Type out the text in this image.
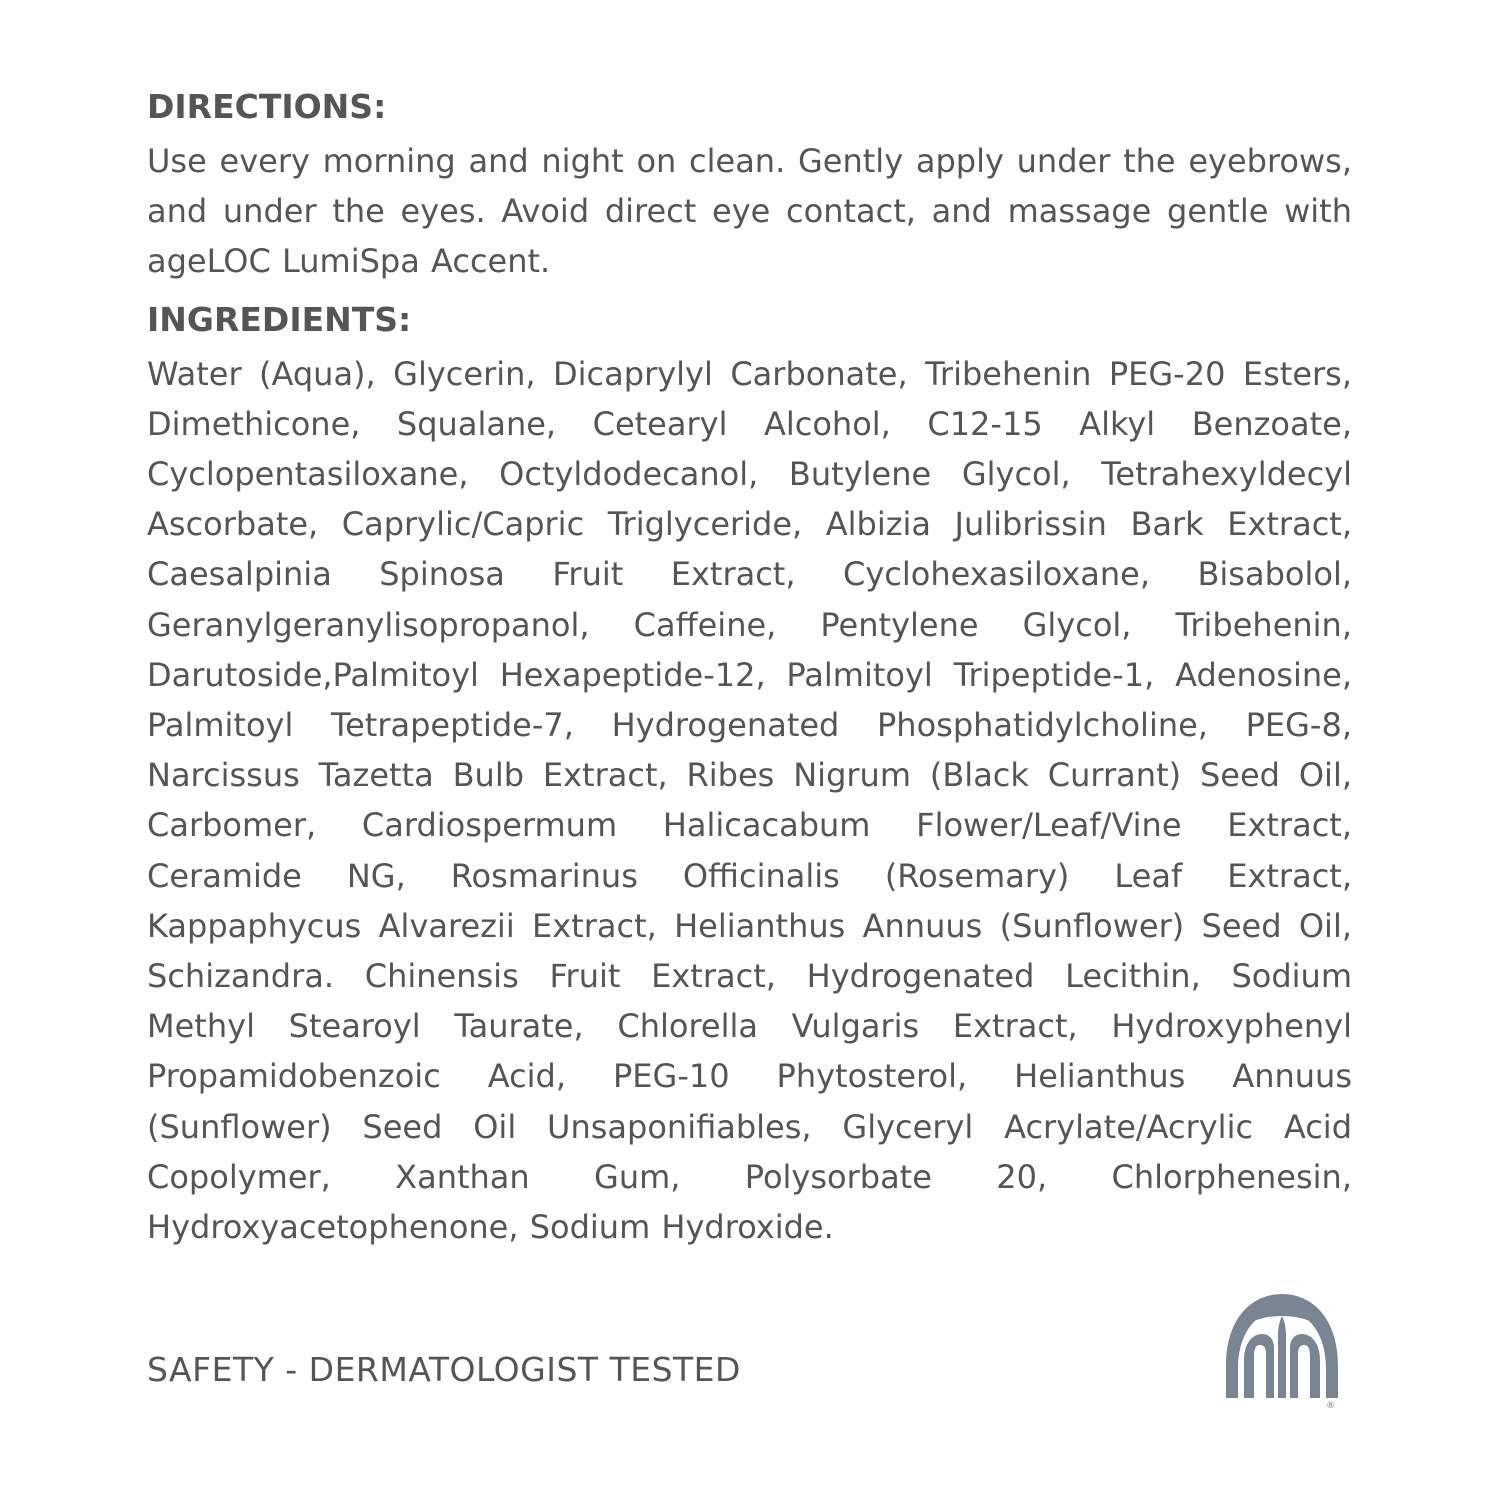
DIRECTIONS:

Use every morning and night on clean. Gently apply under the eyebrows, and under the eyes. Avoid direct eye contact, and massage gentle with ageLOC LumiSpa Accent.

INGREDIENTS:

Water (Aqua), Glycerin, Dicaprylyl Carbonate, Tribehenin PEG-20 Esters, Dimethicone, Squalane, Cetearyl Alcohol, C12-15 Alkyl Benzoate, Cyclopentasiloxane, Octyldodecanol, Butylene Glycol, Tetrahexyldecyl Ascorbate, Caprylic/Capric Triglyceride, Albizia Julibrissin Bark Extract, Caesalpinia Spinosa Fruit Extract, Cyclohexasiloxane, Bisabolol, Geranylgeranylisopropanol, Caffeine, Pentylene Glycol, Tribehenin, Darutoside,Palmitoyl Hexapeptide-12, Palmitoyl Tripeptide-1, Adenosine, Palmitoyl Tetrapeptide-7, Hydrogenated Phosphatidylcholine, PEG-8, Narcissus Tazetta Bulb Extract, Ribes Nigrum (Black Currant) Seed Oil, Carbomer, Cardiospermum Halicacabum Flower/Leaf/Vine Extract, Ceramide NG, Rosmarinus Officinalis (Rosemary) Leaf Extract, Kappaphycus Alvarezii Extract, Helianthus Annuus (Sunflower) Seed Oil, Schizandra. Chinensis Fruit Extract, Hydrogenated Lecithin, Sodium Methyl Stearoyl Taurate, Chlorella Vulgaris Extract, Hydroxyphenyl Propamidobenzoic Acid, PEG-10 Phytosterol, Helianthus Annuus (Sunflower) Seed Oil Unsaponifiables, Glyceryl Acrylate/Acrylic Acid Copolymer, Xanthan Gum, Polysorbate 20, Chlorphenesin, Hydroxyacetophenone, Sodium Hydroxide.

SAFETY - DERMATOLOGIST TESTED
®
